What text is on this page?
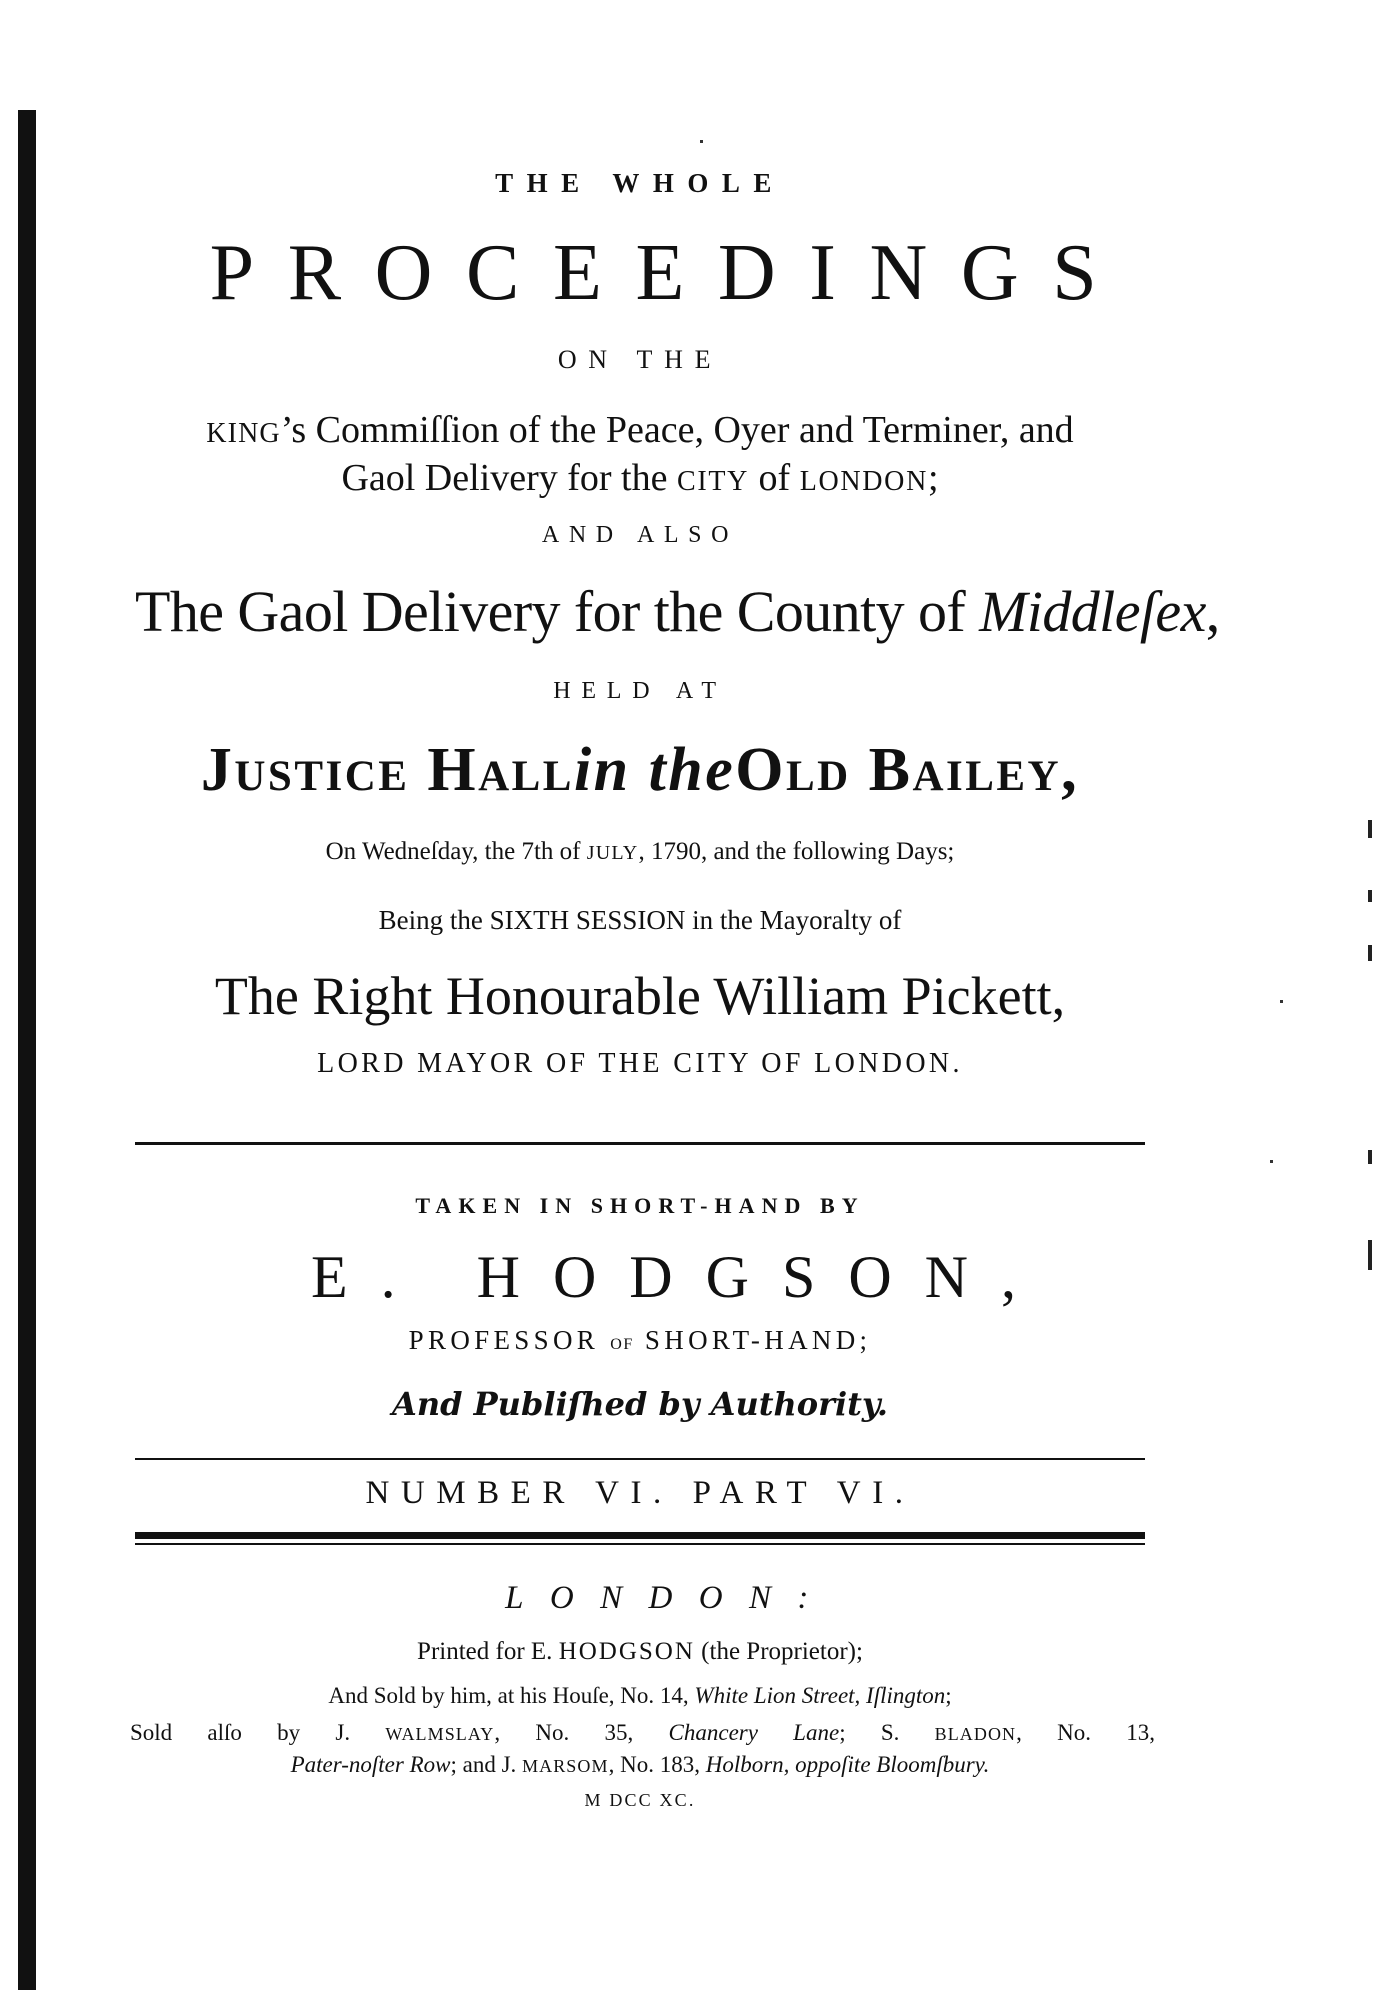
THE WHOLE
PROCEEDINGS
ON THE
KING’s Commiſſion of the Peace, Oyer and Terminer, and
Gaol Delivery for the CITY of LONDON;
AND ALSO
The Gaol Delivery for the County of Middleſex,
HELD AT
Justice Hallin theOld Bailey,
On Wedneſday, the 7th of JULY, 1790, and the following Days;
Being the SIXTH SESSION in the Mayoralty of
The Right Honourable William Pickett,
LORD MAYOR OF THE CITY OF LONDON.
TAKEN IN SHORT-HAND BY
E. HODGSON,
PROFESSOR OF SHORT-HAND;
And Publiſhed by Authority.
NUMBER VI. PART VI.
LONDON:
Printed for E. HODGSON (the Proprietor);
And Sold by him, at his Houſe, No. 14, White Lion Street, Iſlington;
Sold alſo by J. WALMSLAY, No. 35, Chancery Lane; S. BLADON, No. 13,
Pater-noſter Row; and J. MARSOM, No. 183, Holborn, oppoſite Bloomſbury.
M DCC XC.
